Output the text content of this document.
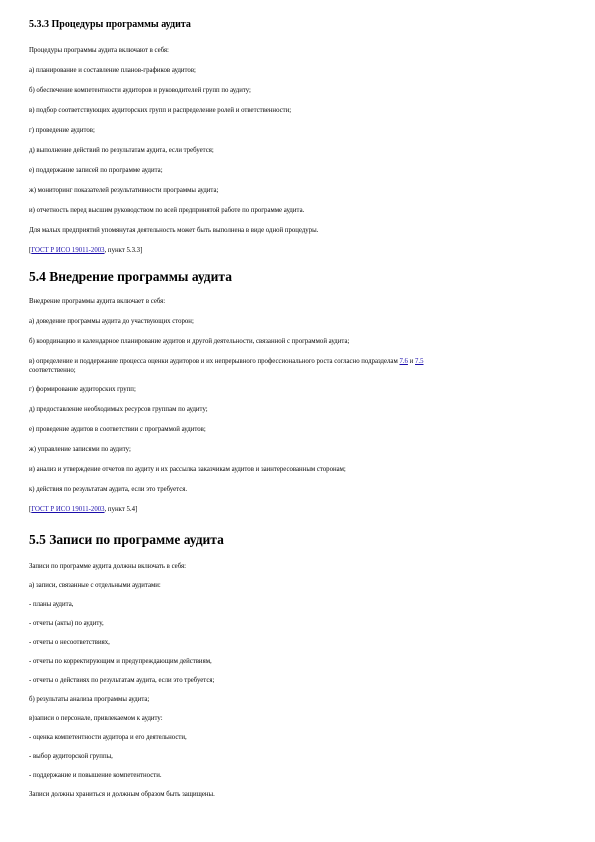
5.3.3 Процедуры программы аудита
Процедуры программы аудита включают в себя:
а) планирование и составление планов-графиков аудитов;
б) обеспечение компетентности аудиторов и руководителей групп по аудиту;
в) подбор соответствующих аудиторских групп и распределение ролей и ответственности;
г) проведение аудитов;
д) выполнение действий по результатам аудита, если требуется;
е) поддержание записей по программе аудита;
ж) мониторинг показателей результативности программы аудита;
и) отчетность перед высшим руководством по всей предпринятой работе по программе аудита.
Для малых предприятий упомянутая деятельность может быть выполнена в виде одной процедуры.
[ГОСТ Р ИСО 19011-2003, пункт 5.3.3]
5.4 Внедрение программы аудита
Внедрение программы аудита включает в себя:
а) доведение программы аудита до участвующих сторон;
б) координацию и календарное планирование аудитов и другой деятельности, связанной с программой аудита;
в) определение и поддержание процесса оценки аудиторов и их непрерывного профессионального роста согласно подразделам 7.6 и 7.5
соответственно;
г) формирование аудиторских групп;
д) предоставление необходимых ресурсов группам по аудиту;
е) проведение аудитов в соответствии с программой аудитов;
ж) управление записями по аудиту;
и) анализ и утверждение отчетов по аудиту и их рассылка заказчикам аудитов и заинтересованным сторонам;
к) действия по результатам аудита, если это требуется.
[ГОСТ Р ИСО 19011-2003, пункт 5.4]
5.5 Записи по программе аудита
Записи по программе аудита должны включать в себя:
а) записи, связанные с отдельными аудитами:
- планы аудита,
- отчеты (акты) по аудиту,
- отчеты о несоответствиях,
- отчеты по корректирующим и предупреждающим действиям,
- отчеты о действиях по результатам аудита, если это требуется;
б) результаты анализа программы аудита;
в)записи о персонале, привлекаемом к аудиту:
- оценка компетентности аудитора и его деятельности,
- выбор аудиторской группы,
- поддержание и повышение компетентности.
Записи должны храниться и должным образом быть защищены.
